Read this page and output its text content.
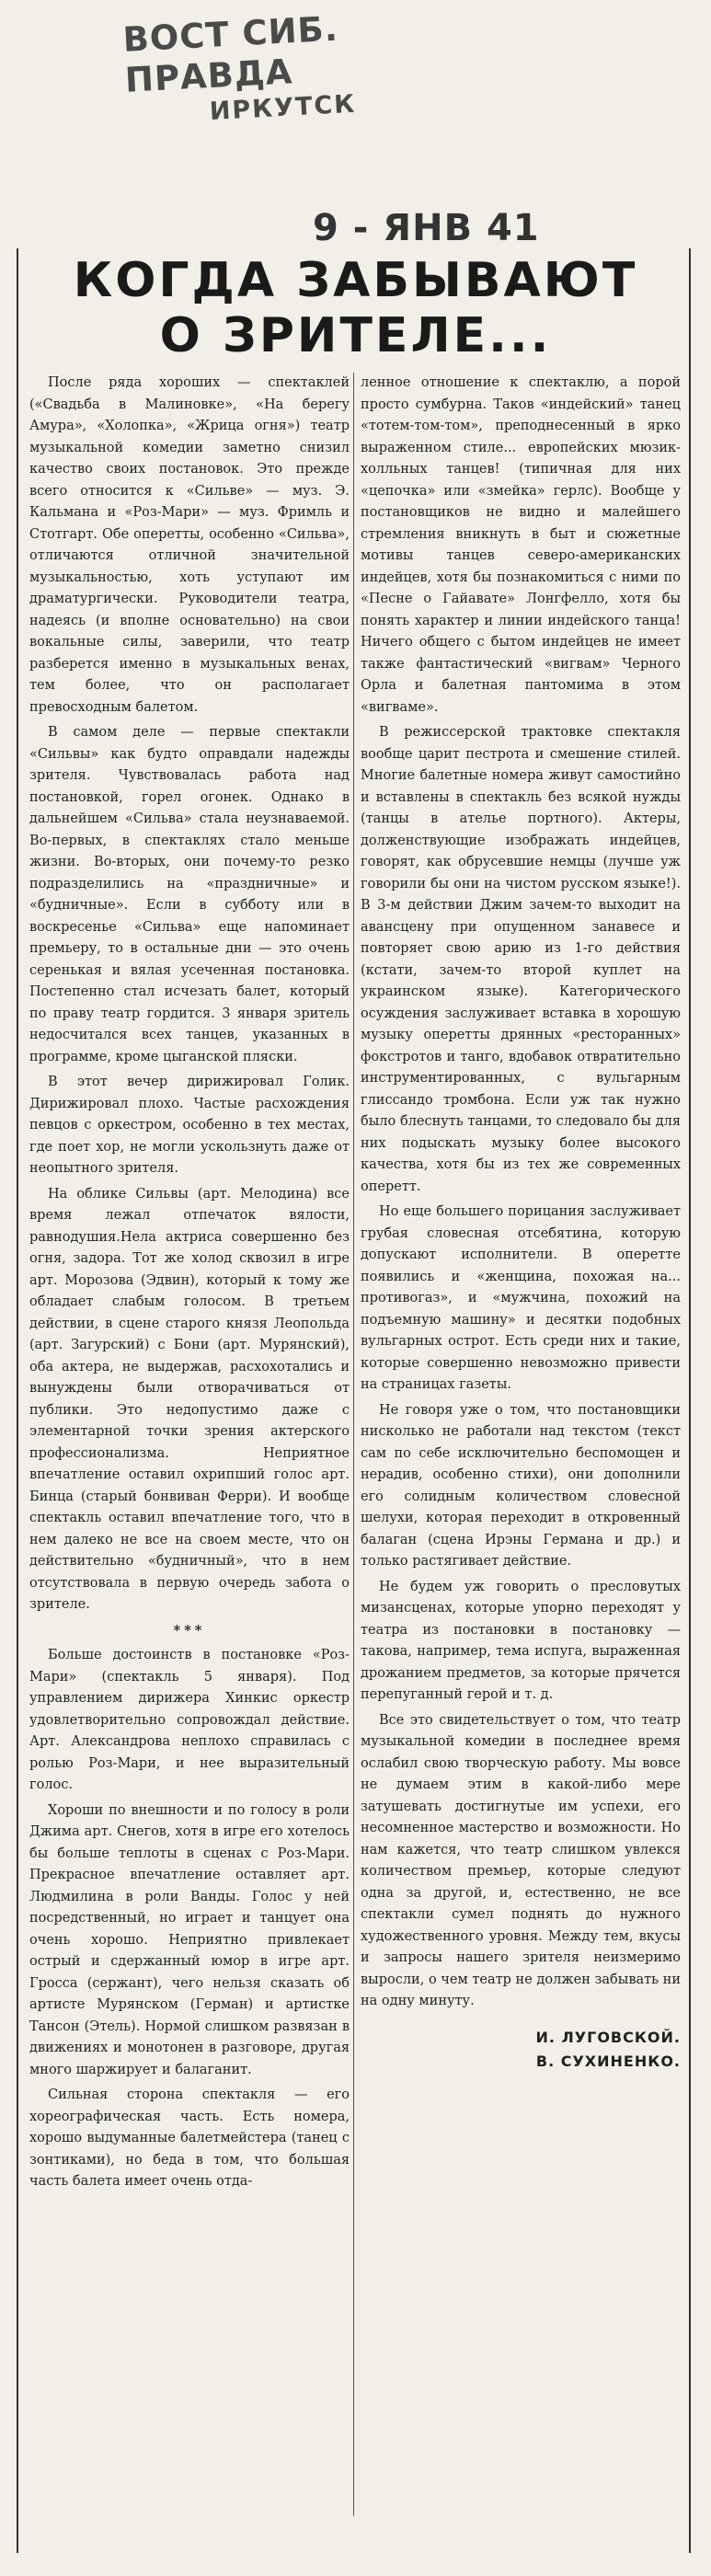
ВОСТ СИБ. ПРАВДА
ИРКУТСК
9 - ЯНВ 41
КОГДА ЗАБЫВАЮТ
О ЗРИТЕЛЕ...

После ряда хороших — спектаклей («Свадьба в Малиновке», «На берегу Амура», «Холопка», «Жрица огня») театр музыкальной комедии заметно снизил качество своих постановок. Это прежде всего относится к «Сильве» — муз. Э. Кальмана и «Роз-Мари» — муз. Фримль и Стотгарт. Обе оперетты, особенно «Сильва», отличаются отличной значительной музыкальностью, хоть уступают им драматургически. Руководители театра, надеясь (и вполне основательно) на свои вокальные силы, заверили, что театр разберется именно в музыкальных венах, тем более, что он располагает превосходным балетом.

В самом деле — первые спектакли «Сильвы» как будто оправдали надежды зрителя. Чувствовалась работа над постановкой, горел огонек. Однако в дальнейшем «Сильва» стала неузнаваемой. Во-первых, в спектаклях стало меньше жизни. Во-вторых, они почему-то резко подразделились на «праздничные» и «будничные». Если в субботу или в воскресенье «Сильва» еще напоминает премьеру, то в остальные дни — это очень серенькая и вялая усеченная постановка. Постепенно стал исчезать балет, который по праву театр гордится. 3 января зритель недосчитался всех танцев, указанных в программе, кроме цыганской пляски.

В этот вечер дирижировал Голик. Дирижировал плохо. Частые расхождения певцов с оркестром, особенно в тех местах, где поет хор, не могли ускользнуть даже от неопытного зрителя.

На облике Сильвы (арт. Мелодина) все время лежал отпечаток вялости, равнодушия.Heлa актриса совершенно без огня, задора. Тот же холод сквозил в игре арт. Морозова (Эдвин), который к тому же обладает слабым голосом. В третьем действии, в сцене старого князя Леопольда (арт. Загурский) с Бони (арт. Мурянский), оба актера, не выдержав, расхохотались и вынуждены были отворачиваться от публики. Это недопустимо даже с элементарной точки зрения актерского профессионализма. Неприятное впечатление оставил охрипший голос арт. Бинца (старый бонвиван Ферри). И вообще спектакль оставил впечатление того, что в нем далеко не все на своем месте, что он действительно «будничный», что в нем отсутствовала в первую очередь забота о зрителе.

***

Больше достоинств в постановке «Роз-Мари» (спектакль 5 января). Под управлением дирижера Хинкис оркестр удовлетворительно сопровождал действие. Арт. Александрова неплохо справилась с ролью Роз-Мари, и нее выразительный голос.

Хороши по внешности и по голосу в роли Джима арт. Снегов, хотя в игре его хотелось бы больше теплоты в сценах с Роз-Мари. Прекрасное впечатление оставляет арт. Людмилина в роли Ванды. Голос у ней посредственный, но играет и танцует она очень хорошо. Неприятно привлекает острый и сдержанный юмор в игре арт. Гросса (сержант), чего нельзя сказать об артисте Мурянском (Герман) и артистке Тансон (Этель). Нормой слишком развязан в движениях и монотонен в разговоре, другая много шаржирует и балаганит.

Сильная сторона спектакля — его хореографическая часть. Есть номера, хорошо выдуманные балетмейстера (танец с зонтиками), но беда в том, что большая часть балета имеет очень отда-

ленное отношение к спектаклю, а порой просто сумбурна. Таков «индейский» танец «тотем-том-том», преподнесенный в ярко выраженном стиле... европейских мюзик-холльных танцев! (типичная для них «цепочка» или «змейка» герлс). Вообще у постановщиков не видно и малейшего стремления вникнуть в быт и сюжетные мотивы танцев северо-американских индейцев, хотя бы познакомиться с ними по «Песне о Гайавате» Лонгфелло, хотя бы понять характер и линии индейского танца! Ничего общего с бытом индейцев не имеет также фантастический «вигвам» Черного Орла и балетная пантомима в этом «вигваме».

В режиссерской трактовке спектакля вообще царит пестрота и смешение стилей. Многие балетные номера живут самостийно и вставлены в спектакль без всякой нужды (танцы в ателье портного). Актеры, долженствующие изображать индейцев, говорят, как обрусевшие немцы (лучше уж говорили бы они на чистом русском языке!). В 3-м действии Джим зачем-то выходит на авансцену при опущенном занавесе и повторяет свою арию из 1-го действия (кстати, зачем-то второй куплет на украинском языке). Категорического осуждения заслуживает вставка в хорошую музыку оперетты дрянных «ресторанных» фокстротов и танго, вдобавок отвратительно инструментированных, с вульгарным глиссандо тромбона. Если уж так нужно было блеснуть танцами, то следовало бы для них подыскать музыку более высокого качества, хотя бы из тех же современных оперетт.

Но еще большего порицания заслуживает грубая словесная отсебятина, которую допускают исполнители. В оперетте появились и «женщина, похожая на... противогаз», и «мужчина, похожий на подъемную машину» и десятки подобных вульгарных острот. Есть среди них и такие, которые совершенно невозможно привести на страницах газеты.

Не говоря уже о том, что постановщики нисколько не работали над текстом (текст сам по себе исключительно беспомощен и нерадив, особенно стихи), они дополнили его солидным количеством словесной шелухи, которая переходит в откровенный балаган (сцена Ирэны Германа и др.) и только растягивает действие.

Не будем уж говорить о пресловутых мизансценах, которые упорно переходят у театра из постановки в постановку — такова, например, тема испуга, выраженная дрожанием предметов, за которые прячется перепуганный герой и т. д.

Все это свидетельствует о том, что театр музыкальной комедии в последнее время ослабил свою творческую работу. Мы вовсе не думаем этим в какой-либо мере затушевать достигнутые им успехи, его несомненное мастерство и возможности. Но нам кажется, что театр слишком увлекся количеством премьер, которые следуют одна за другой, и, естественно, не все спектакли сумел поднять до нужного художественного уровня. Между тем, вкусы и запросы нашего зрителя неизмеримо выросли, о чем театр не должен забывать ни на одну минуту.

И. ЛУГОВСКОЙ.
В. СУХИНЕНКО.
